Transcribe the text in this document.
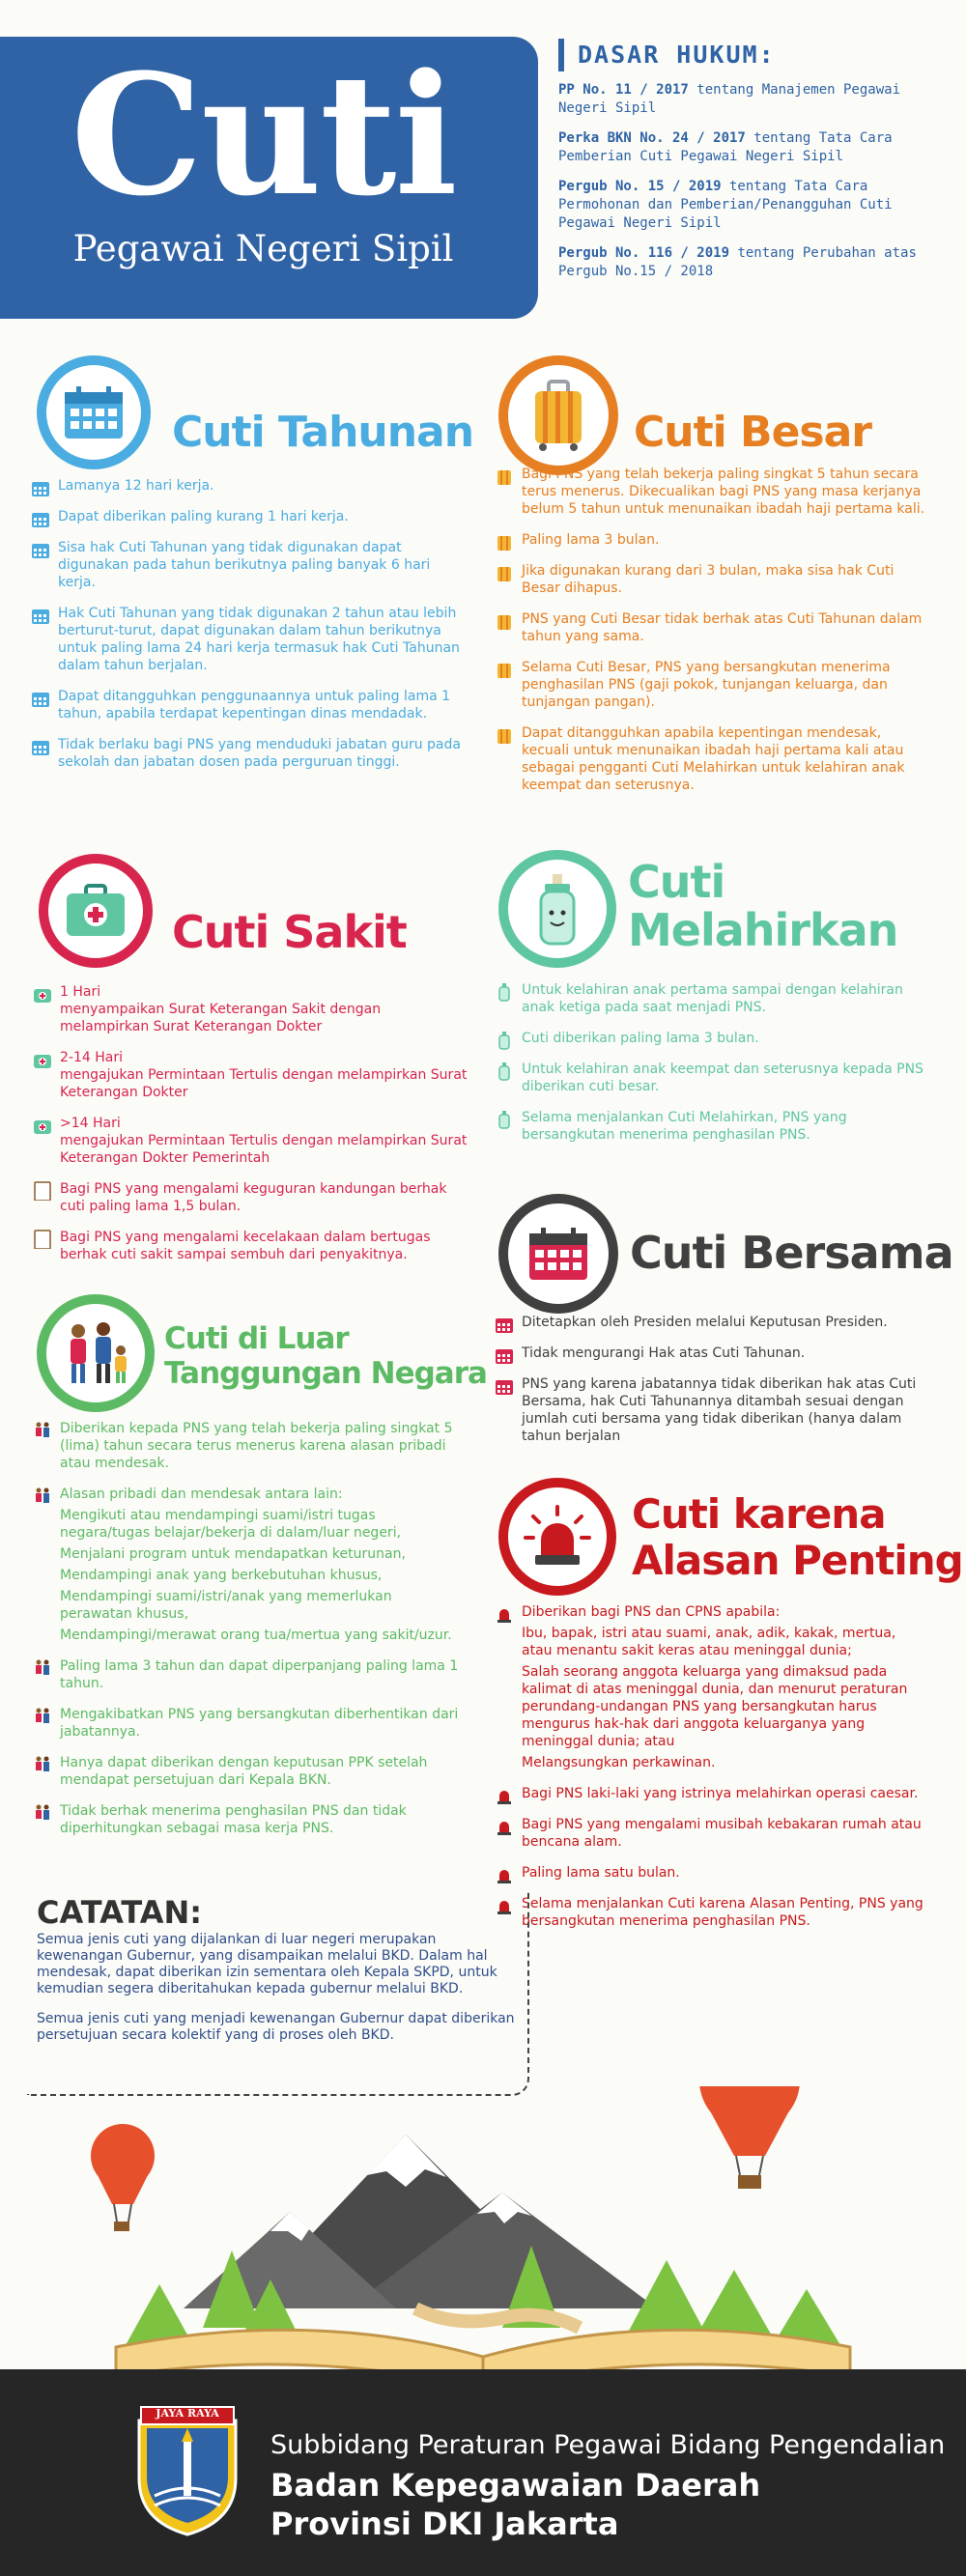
Cuti
Pegawai Negeri Sipil
DASAR HUKUM:
PP No. 11 / 2017 tentang Manajemen Pegawai Negeri Sipil
Perka BKN No. 24 / 2017 tentang Tata Cara Pemberian Cuti Pegawai Negeri Sipil
Pergub No. 15 / 2019 tentang Tata Cara Permohonan dan Pemberian/Penangguhan Cuti Pegawai Negeri Sipil
Pergub No. 116 / 2019 tentang Perubahan atas Pergub No.15 / 2018
Cuti Tahunan
Lamanya 12 hari kerja.
Dapat diberikan paling kurang 1 hari kerja.
Sisa hak Cuti Tahunan yang tidak digunakan dapat digunakan pada tahun berikutnya paling banyak 6 hari kerja.
Hak Cuti Tahunan yang tidak digunakan 2 tahun atau lebih berturut-turut, dapat digunakan dalam tahun berikutnya untuk paling lama 24 hari kerja termasuk hak Cuti Tahunan dalam tahun berjalan.
Dapat ditangguhkan penggunaannya untuk paling lama 1 tahun, apabila terdapat kepentingan dinas mendadak.
Tidak berlaku bagi PNS yang menduduki jabatan guru pada sekolah dan jabatan dosen pada perguruan tinggi.
Cuti Besar
Bagi PNS yang telah bekerja paling singkat 5 tahun secara terus menerus. Dikecualikan bagi PNS yang masa kerjanya belum 5 tahun untuk menunaikan ibadah haji pertama kali.
Paling lama 3 bulan.
Jika digunakan kurang dari 3 bulan, maka sisa hak Cuti Besar dihapus.
PNS yang Cuti Besar tidak berhak atas Cuti Tahunan dalam tahun yang sama.
Selama Cuti Besar, PNS yang bersangkutan menerima penghasilan PNS (gaji pokok, tunjangan keluarga, dan tunjangan pangan).
Dapat ditangguhkan apabila kepentingan mendesak, kecuali untuk menunaikan ibadah haji pertama kali atau sebagai pengganti Cuti Melahirkan untuk kelahiran anak keempat dan seterusnya.
Cuti Sakit
1 Hari
menyampaikan Surat Keterangan Sakit dengan melampirkan Surat Keterangan Dokter
2-14 Hari
mengajukan Permintaan Tertulis dengan melampirkan Surat Keterangan Dokter
>14 Hari
mengajukan Permintaan Tertulis dengan melampirkan Surat Keterangan Dokter Pemerintah
Bagi PNS yang mengalami keguguran kandungan berhak cuti paling lama 1,5 bulan.
Bagi PNS yang mengalami kecelakaan dalam bertugas berhak cuti sakit sampai sembuh dari penyakitnya.
Cuti
Melahirkan
Untuk kelahiran anak pertama sampai dengan kelahiran anak ketiga pada saat menjadi PNS.
Cuti diberikan paling lama 3 bulan.
Untuk kelahiran anak keempat dan seterusnya kepada PNS diberikan cuti besar.
Selama menjalankan Cuti Melahirkan, PNS yang bersangkutan menerima penghasilan PNS.
Cuti Bersama
Ditetapkan oleh Presiden melalui Keputusan Presiden.
Tidak mengurangi Hak atas Cuti Tahunan.
PNS yang karena jabatannya tidak diberikan hak atas Cuti Bersama, hak Cuti Tahunannya ditambah sesuai dengan jumlah cuti bersama yang tidak diberikan (hanya dalam tahun berjalan
Cuti di Luar
Tanggungan Negara
Diberikan kepada PNS yang telah bekerja paling singkat 5 (lima) tahun secara terus menerus karena alasan pribadi atau mendesak.
Alasan pribadi dan mendesak antara lain:
Mengikuti atau mendampingi suami/istri tugas negara/tugas belajar/bekerja di dalam/luar negeri,
Menjalani program untuk mendapatkan keturunan,
Mendampingi anak yang berkebutuhan khusus,
Mendampingi suami/istri/anak yang memerlukan perawatan khusus,
Mendampingi/merawat orang tua/mertua yang sakit/uzur.
Paling lama 3 tahun dan dapat diperpanjang paling lama 1 tahun.
Mengakibatkan PNS yang bersangkutan diberhentikan dari jabatannya.
Hanya dapat diberikan dengan keputusan PPK setelah mendapat persetujuan dari Kepala BKN.
Tidak berhak menerima penghasilan PNS dan tidak diperhitungkan sebagai masa kerja PNS.
Cuti karena
Alasan Penting
Diberikan bagi PNS dan CPNS apabila:
Ibu, bapak, istri atau suami, anak, adik, kakak, mertua, atau menantu sakit keras atau meninggal dunia;
Salah seorang anggota keluarga yang dimaksud pada kalimat di atas meninggal dunia, dan menurut peraturan perundang-undangan PNS yang bersangkutan harus mengurus hak-hak dari anggota keluarganya yang meninggal dunia; atau
Melangsungkan perkawinan.
Bagi PNS laki-laki yang istrinya melahirkan operasi caesar.
Bagi PNS yang mengalami musibah kebakaran rumah atau bencana alam.
Paling lama satu bulan.
Selama menjalankan Cuti karena Alasan Penting, PNS yang bersangkutan menerima penghasilan PNS.
CATATAN:
Semua jenis cuti yang dijalankan di luar negeri merupakan kewenangan Gubernur, yang disampaikan melalui BKD. Dalam hal mendesak, dapat diberikan izin sementara oleh Kepala SKPD, untuk kemudian segera diberitahukan kepada gubernur melalui BKD.
Semua jenis cuti yang menjadi kewenangan Gubernur dapat diberikan persetujuan secara kolektif yang di proses oleh BKD.
JAYA RAYA
Subbidang Peraturan Pegawai Bidang Pengendalian
Badan Kepegawaian Daerah
Provinsi DKI Jakarta
